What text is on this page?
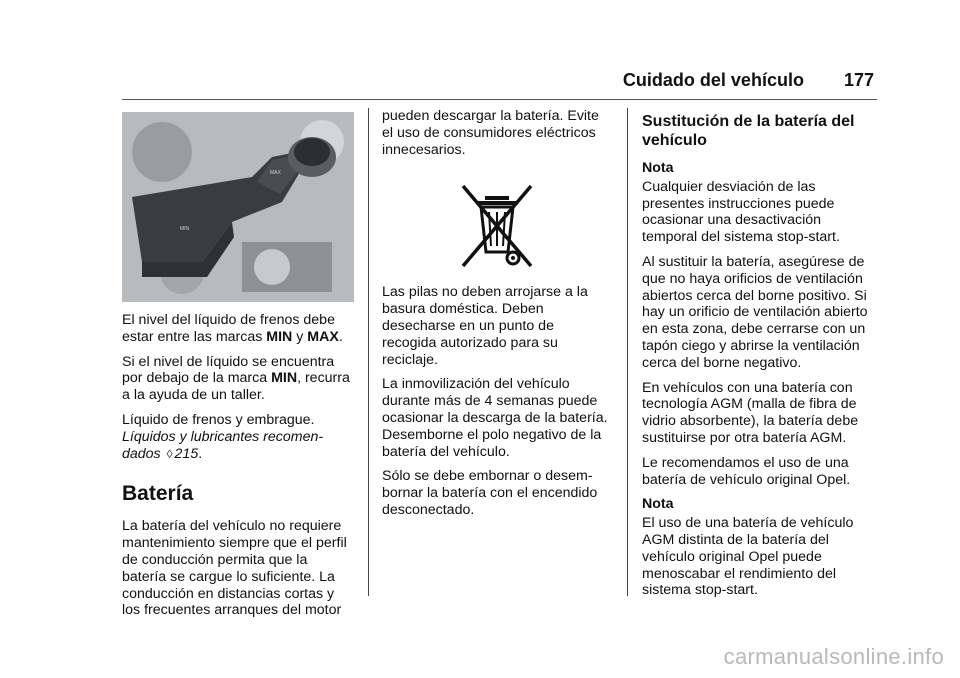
Cuidado del vehículo 177
MAX
MIN

El nivel del líquido de frenos debe estar entre las marcas MIN y MAX.

Si el nivel de líquido se encuentra por debajo de la marca MIN, recurra a la ayuda de un taller.

Líquido de frenos y embrague.
Líquidos y lubricantes recomen-dados ◊ 215.

Batería

La batería del vehículo no requiere mantenimiento siempre que el perfil de conducción permita que la batería se cargue lo suficiente. La conducción en distancias cortas y los frecuentes arranques del motor

pueden descargar la batería. Evite el uso de consumidores eléctricos innecesarios.

Las pilas no deben arrojarse a la basura doméstica. Deben desecharse en un punto de recogida autorizado para su reciclaje.

La inmovilización del vehículo durante más de 4 semanas puede ocasionar la descarga de la batería. Desemborne el polo negativo de la batería del vehículo.

Sólo se debe embornar o desem-bornar la batería con el encendido desconectado.

Sustitución de la batería del vehículo

Nota

Cualquier desviación de las presentes instrucciones puede ocasionar una desactivación temporal del sistema stop-start.

Al sustituir la batería, asegúrese de que no haya orificios de ventilación abiertos cerca del borne positivo. Si hay un orificio de ventilación abierto en esta zona, debe cerrarse con un tapón ciego y abrirse la ventilación cerca del borne negativo.

En vehículos con una batería con tecnología AGM (malla de fibra de vidrio absorbente), la batería debe sustituirse por otra batería AGM.

Le recomendamos el uso de una batería de vehículo original Opel.

Nota

El uso de una batería de vehículo AGM distinta de la batería del vehículo original Opel puede menoscabar el rendimiento del sistema stop-start.

carmanualsonline.info
